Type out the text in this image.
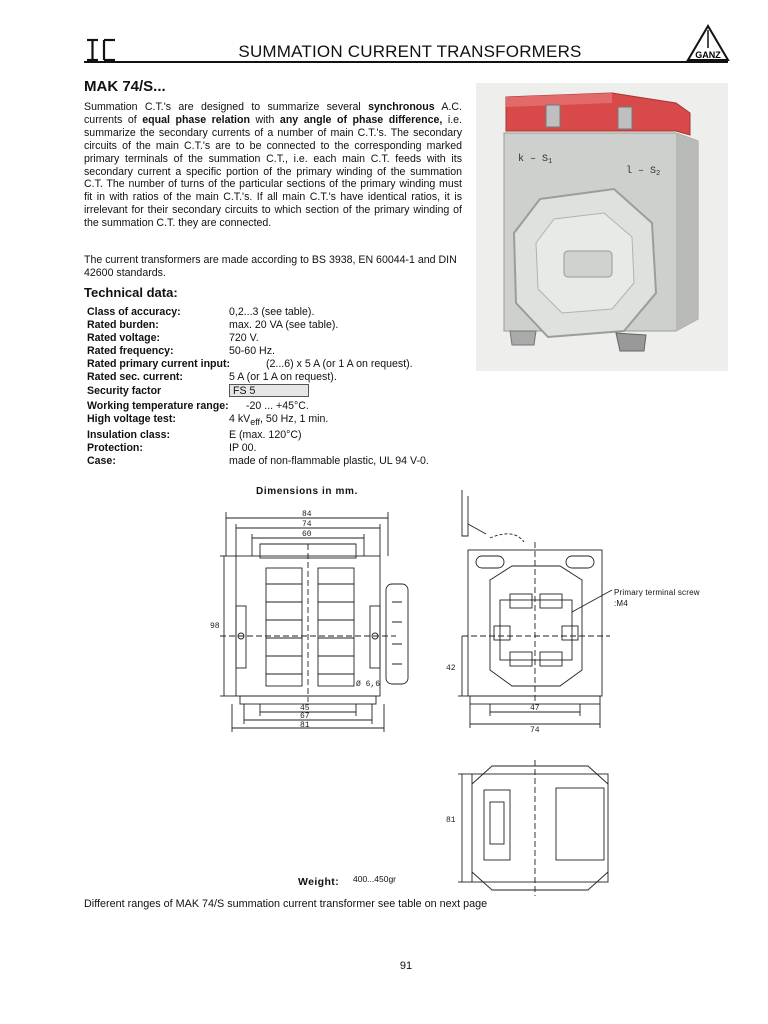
SUMMATION CURRENT TRANSFORMERS	GANZ
MAK 74/S...
Summation C.T.'s are designed to summarize several synchronous A.C. currents of equal phase relation with any angle of phase difference, i.e. summarize the secondary currents of a number of main C.T.'s. The secondary circuits of the main C.T.'s are to be connected to the corresponding marked primary terminals of the summation C.T., i.e. each main C.T. feeds with its secondary current a specific portion of the primary winding of the summation C.T. The number of turns of the particular sections of the primary winding must fit in with ratios of the main C.T.'s. If all main C.T.'s have identical ratios, it is irrelevant for their secondary circuits to which section of the primary winding of the summation C.T. they are connected.
The current transformers are made according to BS 3938, EN 60044-1 and DIN 42600 standards.
Technical data:
Class of accuracy:	0,2...3 (see table).
Rated burden:	max. 20 VA (see table).
Rated voltage:	720 V.
Rated frequency:	50-60 Hz.
Rated primary current input:	(2...6) x 5 A (or 1 A on request).
Rated sec. current:	5 A (or 1 A on request).
Security factor	FS 5
Working temperature range: -20 ... +45°C.
High voltage test:	4 $kV_{eff}$, 50 Hz, 1 min.
Insulation class:	E (max. 120°C)
Protection:	IP 00.
Case:	made of non-flammable plastic, UL 94 V-0.
k – $S_1$
l – $S_2$
Dimensions in mm.
84
74
60
98
45
67
81
Ø 6,6
42
47
74
81
Primary terminal screw
:M4
Weight: 400...450gr
Different ranges of MAK 74/S summation current transformer see table on next page
91
